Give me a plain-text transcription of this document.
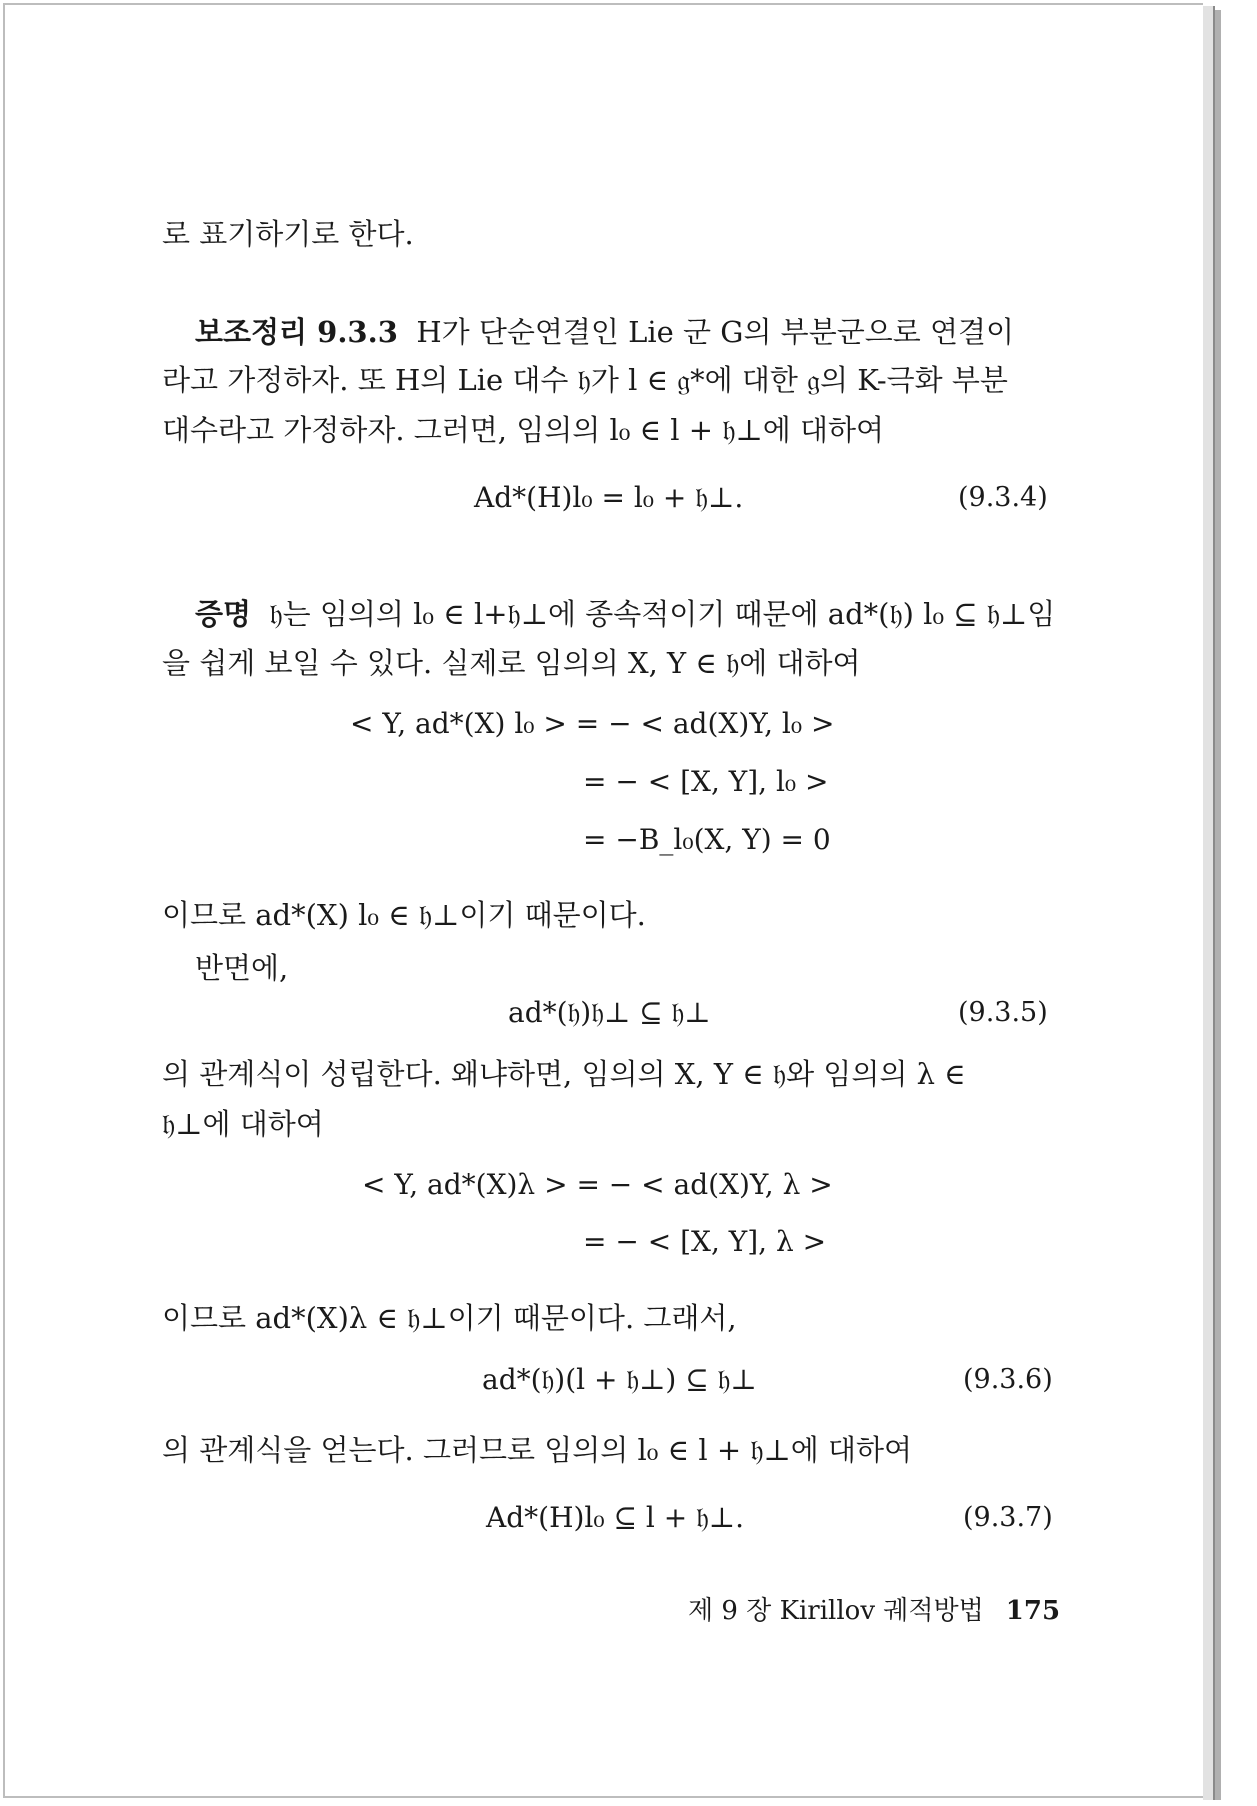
로 표기하기로 한다.
보조정리 9.3.3 H가 단순연결인 Lie 군 G의 부분군으로 연결이
라고 가정하자. 또 H의 Lie 대수 𝔥가 l ∈ 𝔤*에 대한 𝔤의 K-극화 부분
대수라고 가정하자. 그러면, 임의의 l₀ ∈ l + 𝔥⊥에 대하여
Ad*(H)l₀ = l₀ + 𝔥⊥.	(9.3.4)
증명 𝔥는 임의의 l₀ ∈ l+𝔥⊥에 종속적이기 때문에 ad*(𝔥) l₀ ⊆ 𝔥⊥임
을 쉽게 보일 수 있다. 실제로 임의의 X, Y ∈ 𝔥에 대하여
< Y, ad*(X) l₀ > = − < ad(X)Y, l₀ >
= − < [X, Y], l₀ >
= −B_l₀(X, Y) = 0
이므로 ad*(X) l₀ ∈ 𝔥⊥이기 때문이다.
반면에,
ad*(𝔥)𝔥⊥ ⊆ 𝔥⊥	(9.3.5)
의 관계식이 성립한다. 왜냐하면, 임의의 X, Y ∈ 𝔥와 임의의 λ ∈
𝔥⊥에 대하여
< Y, ad*(X)λ > = − < ad(X)Y, λ >
= − < [X, Y], λ >
이므로 ad*(X)λ ∈ 𝔥⊥이기 때문이다. 그래서,
ad*(𝔥)(l + 𝔥⊥) ⊆ 𝔥⊥	(9.3.6)
의 관계식을 얻는다. 그러므로 임의의 l₀ ∈ l + 𝔥⊥에 대하여
Ad*(H)l₀ ⊆ l + 𝔥⊥.	(9.3.7)
제 9 장 Kirillov 궤적방법 175
